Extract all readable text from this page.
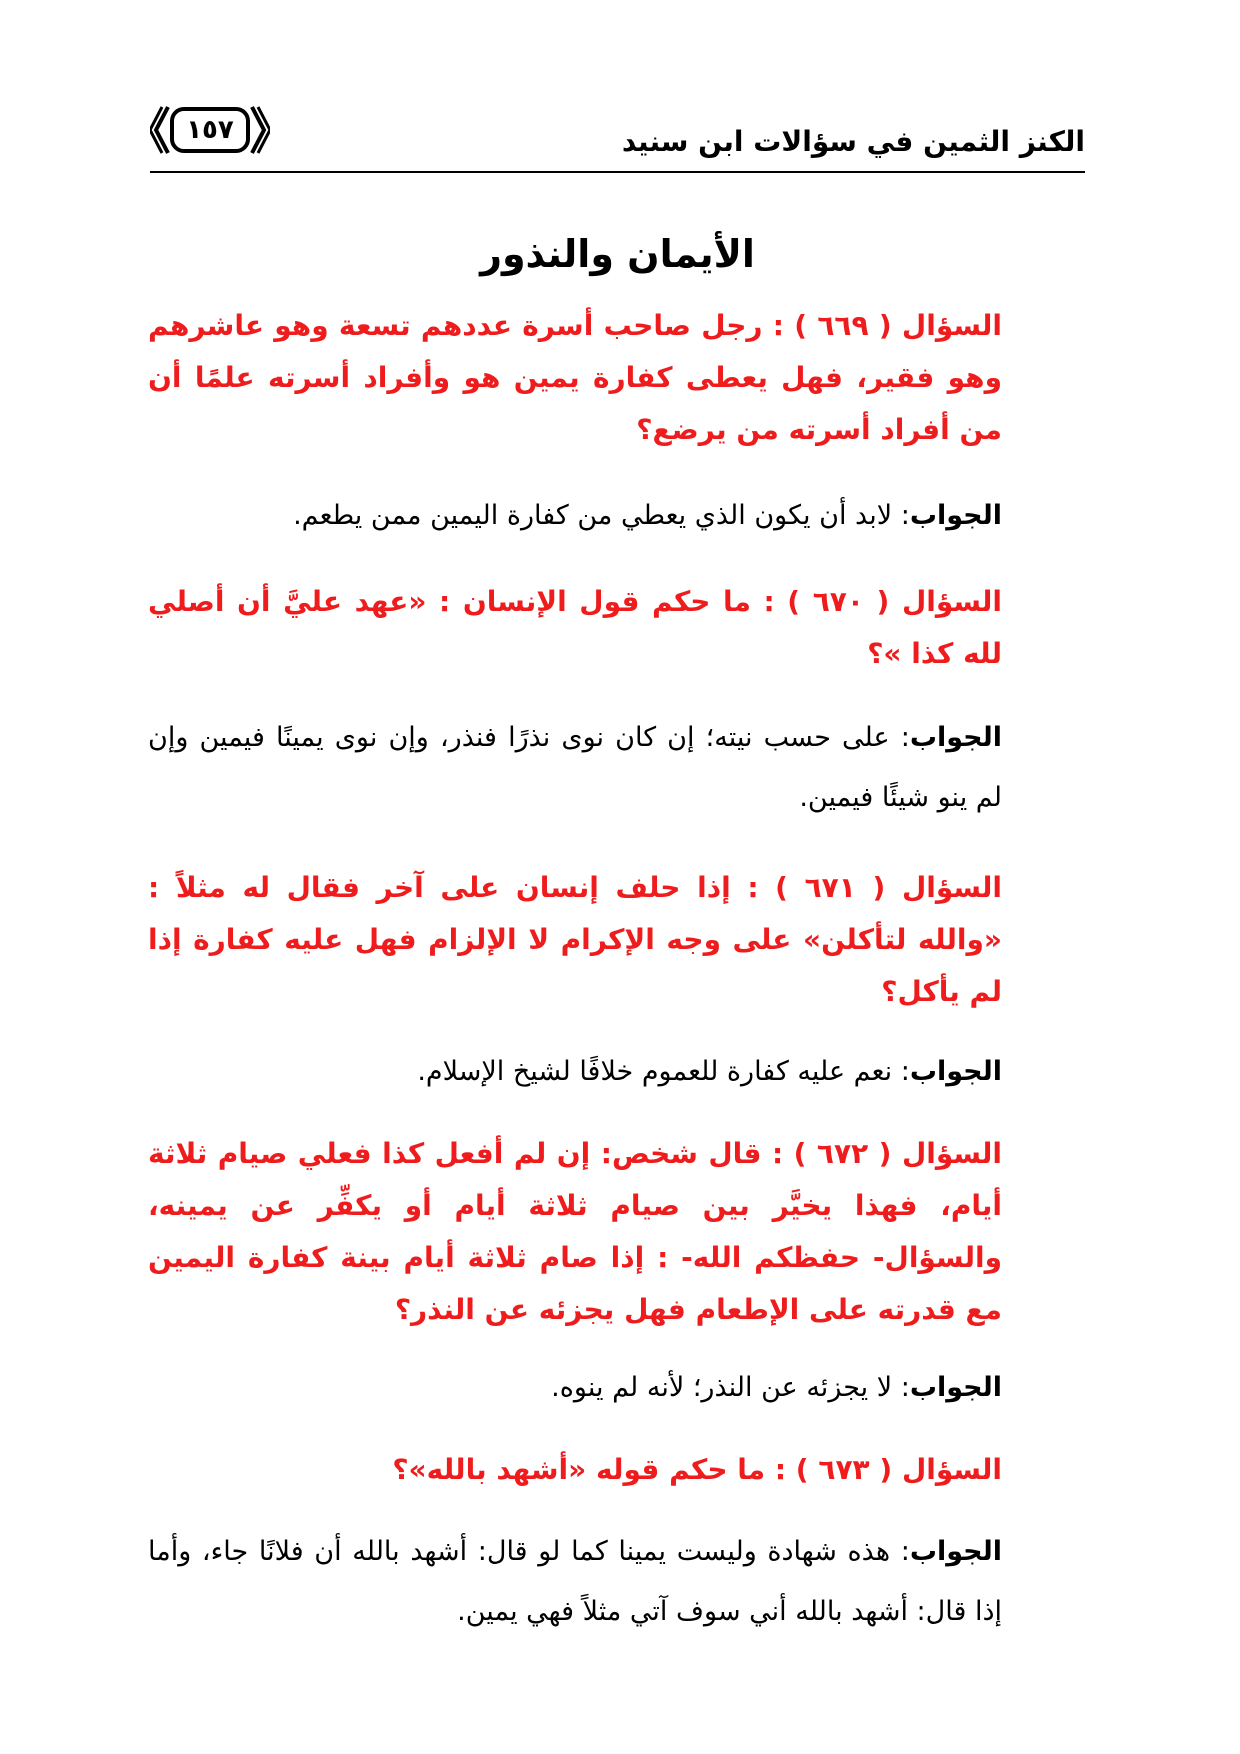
الكنز الثمين في سؤالات ابن سنيد
١٥٧
الأيمان والنذور

السؤال ( ٦٦٩ ) : رجل صاحب أسرة عددهم تسعة وهو عاشرهم وهو فقير، فهل يعطى كفارة يمين هو وأفراد أسرته علمًا أن من أفراد أسرته من يرضع؟

الجواب: لابد أن يكون الذي يعطي من كفارة اليمين ممن يطعم.

السؤال ( ٦٧٠ ) : ما حكم قول الإنسان : «عهد عليَّ أن أصلي لله كذا »؟

الجواب: على حسب نيته؛ إن كان نوى نذرًا فنذر، وإن نوى يمينًا فيمين وإن لم ينو شيئًا فيمين.

السؤال ( ٦٧١ ) : إذا حلف إنسان على آخر فقال له مثلاً : «والله لتأكلن» على وجه الإكرام لا الإلزام فهل عليه كفارة إذا لم يأكل؟

الجواب: نعم عليه كفارة للعموم خلافًا لشيخ الإسلام.

السؤال ( ٦٧٢ ) : قال شخص: إن لم أفعل كذا فعلي صيام ثلاثة أيام، فهذا يخيَّر بين صيام ثلاثة أيام أو يكفِّر عن يمينه، والسؤال- حفظكم الله- : إذا صام ثلاثة أيام بينة كفارة اليمين مع قدرته على الإطعام فهل يجزئه عن النذر؟

الجواب: لا يجزئه عن النذر؛ لأنه لم ينوه.

السؤال ( ٦٧٣ ) : ما حكم قوله «أشهد بالله»؟

الجواب: هذه شهادة وليست يمينا كما لو قال: أشهد بالله أن فلانًا جاء، وأما إذا قال: أشهد بالله أني سوف آتي مثلاً فهي يمين.
